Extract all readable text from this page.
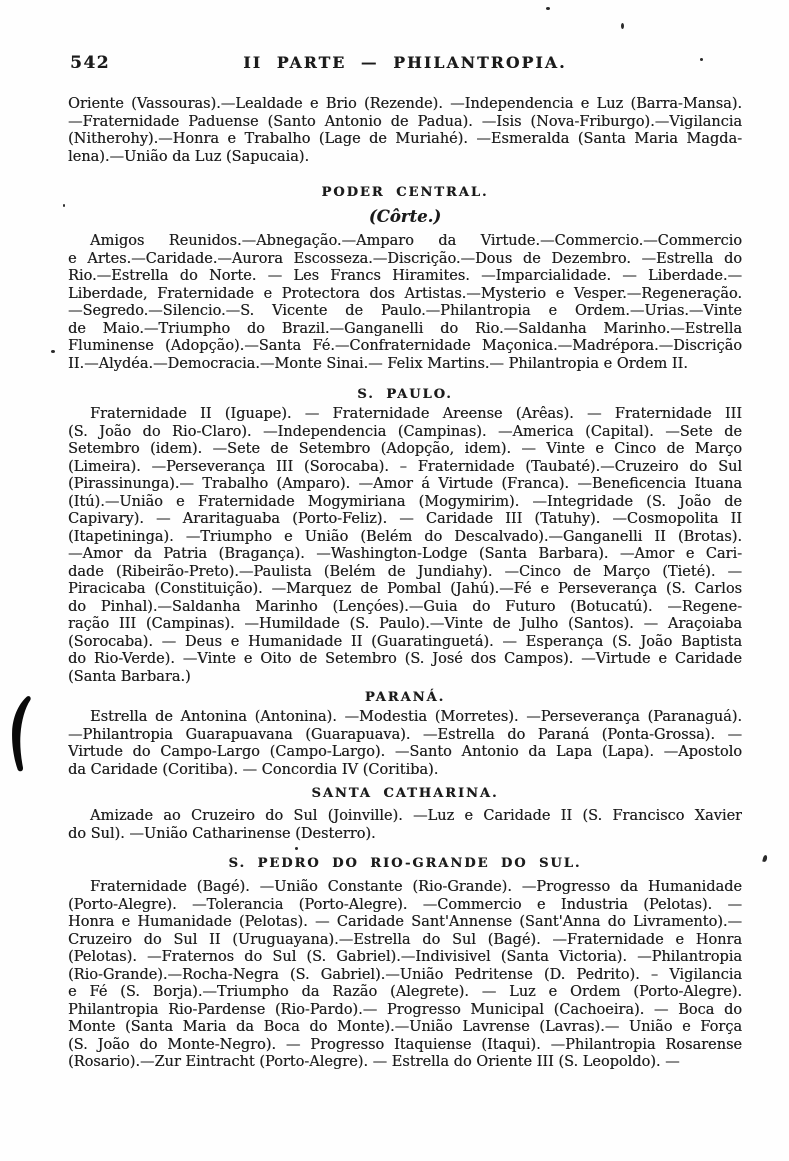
542	II PARTE — PHILANTROPIA.
Oriente (Vassouras).—Lealdade e Brio (Rezende). —Independencia e Luz (Barra-Mansa).
—Fraternidade Paduense (Santo Antonio de Padua). —Isis (Nova-Friburgo).—Vigilancia
(Nitherohy).—Honra e Trabalho (Lage de Muriahé). —Esmeralda (Santa Maria Magda-
lena).—União da Luz (Sapucaia).
PODER CENTRAL.
(Côrte.)
Amigos Reunidos.—Abnegação.—Amparo da Virtude.—Commercio.—Commercio
e Artes.—Caridade.—Aurora Escosseza.—Discrição.—Dous de Dezembro. —Estrella do
Rio.—Estrella do Norte. — Les Francs Hiramites. —Imparcialidade. — Liberdade.—
Liberdade, Fraternidade e Protectora dos Artistas.—Mysterio e Vesper.—Regeneração.
—Segredo.—Silencio.—S. Vicente de Paulo.—Philantropia e Ordem.—Urias.—Vinte
de Maio.—Triumpho do Brazil.—Ganganelli do Rio.—Saldanha Marinho.—Estrella
Fluminense (Adopção).—Santa Fé.—Confraternidade Maçonica.—Madrépora.—Discrição
II.—Alydéa.—Democracia.—Monte Sinai.— Felix Martins.— Philantropia e Ordem II.
S. PAULO.
Fraternidade II (Iguape). — Fraternidade Areense (Arêas). — Fraternidade III
(S. João do Rio-Claro). —Independencia (Campinas). —America (Capital). —Sete de
Setembro (idem). —Sete de Setembro (Adopção, idem). — Vinte e Cinco de Março
(Limeira). —Perseverança III (Sorocaba). – Fraternidade (Taubaté).—Cruzeiro do Sul
(Pirassinunga).— Trabalho (Amparo). —Amor á Virtude (Franca). —Beneficencia Ituana
(Itú).—União e Fraternidade Mogymiriana (Mogymirim). —Integridade (S. João de
Capivary). — Araritaguaba (Porto-Feliz). — Caridade III (Tatuhy). —Cosmopolita II
(Itapetininga). —Triumpho e União (Belém do Descalvado).—Ganganelli II (Brotas).
—Amor da Patria (Bragança). —Washington-Lodge (Santa Barbara). —Amor e Cari-
dade (Ribeirão-Preto).—Paulista (Belém de Jundiahy). —Cinco de Março (Tieté). —
Piracicaba (Constituição). —Marquez de Pombal (Jahú).—Fé e Perseverança (S. Carlos
do Pinhal).—Saldanha Marinho (Lençóes).—Guia do Futuro (Botucatú). —Regene-
ração III (Campinas). —Humildade (S. Paulo).—Vinte de Julho (Santos). — Araçoiaba
(Sorocaba). — Deus e Humanidade II (Guaratinguetá). — Esperança (S. João Baptista
do Rio-Verde). —Vinte e Oito de Setembro (S. José dos Campos). —Virtude e Caridade
(Santa Barbara.)
PARANÁ.
Estrella de Antonina (Antonina). —Modestia (Morretes). —Perseverança (Paranaguá).
—Philantropia Guarapuavana (Guarapuava). —Estrella do Paraná (Ponta-Grossa). —
Virtude do Campo-Largo (Campo-Largo). —Santo Antonio da Lapa (Lapa). —Apostolo
da Caridade (Coritiba). — Concordia IV (Coritiba).
SANTA CATHARINA.
Amizade ao Cruzeiro do Sul (Joinville). —Luz e Caridade II (S. Francisco Xavier
do Sul). —União Catharinense (Desterro).
S. PEDRO DO RIO-GRANDE DO SUL.
Fraternidade (Bagé). —União Constante (Rio-Grande). —Progresso da Humanidade
(Porto-Alegre). —Tolerancia (Porto-Alegre). —Commercio e Industria (Pelotas). —
Honra e Humanidade (Pelotas). — Caridade Sant'Annense (Sant'Anna do Livramento).—
Cruzeiro do Sul II (Uruguayana).—Estrella do Sul (Bagé). —Fraternidade e Honra
(Pelotas). —Fraternos do Sul (S. Gabriel).—Indivisivel (Santa Victoria). —Philantropia
(Rio-Grande).—Rocha-Negra (S. Gabriel).—União Pedritense (D. Pedrito). – Vigilancia
e Fé (S. Borja).—Triumpho da Razão (Alegrete). — Luz e Ordem (Porto-Alegre).
Philantropia Rio-Pardense (Rio-Pardo).— Progresso Municipal (Cachoeira). — Boca do
Monte (Santa Maria da Boca do Monte).—União Lavrense (Lavras).— União e Força
(S. João do Monte-Negro). — Progresso Itaquiense (Itaqui). —Philantropia Rosarense
(Rosario).—Zur Eintracht (Porto-Alegre). — Estrella do Oriente III (S. Leopoldo). —
